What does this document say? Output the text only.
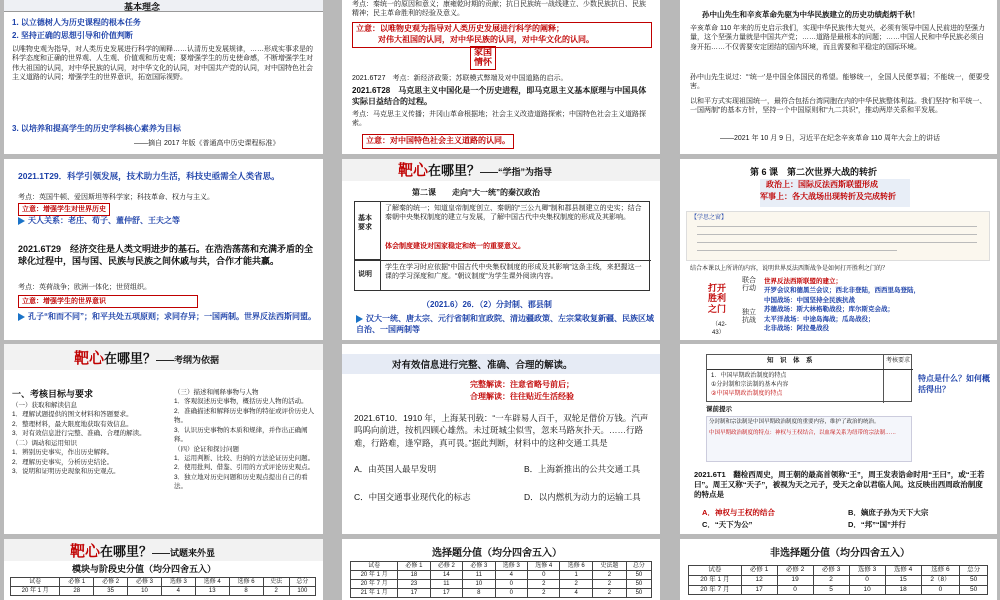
基本理念
1. 以立德树人为历史课程的根本任务
2. 坚持正确的思想引导和价值判断
以唯物史观为指导，对人类历史发展进行科学的阐释……认清历史发展规律，……形成实事求是的科学态度和正确的世界观、人生观、价值观和历史观；要增强学生的历史使命感，不断增强学生对伟大祖国的认同，对中华民族的认同，对中华文化的认同，对中国共产党的认同，对中国特色社会主义道路的认同；增强学生的世界意识，拓宽国际视野。
3. 以培养和提高学生的历史学科核心素养为目标
——摘自 2017 年版《普通高中历史课程标准》
考点：秦统一的原因和意义；康雍乾时期的贡献；抗日民族统一战线建立、少数民族抗日、民族精神；民主革命胜利的经验及意义。
立意：以唯物史观为指导对人类历史发展进行科学的阐释；
对伟大祖国的认同，对中华民族的认同，对中华文化的认同。
家国
情怀
2021.6T27　考点：新经济政策；苏联模式弊端及对中国道路的启示。
2021.6T28　马克思主义中国化是一个历史进程，即马克思主义基本原理与中国具体实际日益结合的过程。
考点：马克思主义传播；井冈山革命根据地；社会主义改造道路探索；中国特色社会主义道路探索。
立意：对中国特色社会主义道路的认同。
孙中山先生和辛亥革命先驱为中华民族建立的历史功绩彪炳千秋！
辛亥革命 110 年来的历史启示我们，实现中华民族伟大复兴，必须有领导中国人民前进的坚强力量，这个坚强力量就是中国共产党；……道路是最根本的问题；……中国人民和中华民族必须自身开拓……不仅需要安定团结的国内环境，而且需要和平稳定的国际环境。
孙中山先生说过：“‘统一’是中国全体国民的希望。能够统一，全国人民便享福；不能统一，便要受害。
以和平方式实现祖国统一，最符合包括台湾同胞在内的中华民族整体利益。我们坚持“和平统一、一国两制”的基本方针，坚持一个中国原则和“九二共识”，推动两岸关系和平发展。
——2021 年 10 月 9 日，习近平在纪念辛亥革命 110 周年大会上的讲话
2021.1T29．科学引领发展，技术助力生活，科技史亟需全人类省思。
考点：英国牛顿、爱因斯坦等科学家；科技革命、权力与主义。
立意：增强学生对世界历史
天人关系：老庄、荀子、董仲舒、王夫之等
2021.6T29　经济交往是人类文明进步的基石。在浩浩荡荡和充满矛盾的全球化过程中，国与国、民族与民族之间休戚与共，合作才能共赢。
考点：英荷战争；欧洲一体化；世贸组织。
立意：增强学生的世界意识
孔子“和而不同”；和平共处五项原则；求同存异；一国两制。世界反法西斯同盟。
靶心在哪里？——“学指”为指导
第二课　　走向“大一统”的秦汉政治
基本要求
了解秦的统一；知道皇帝制度创立、秦朝的“三公九卿”制和郡县制建立的史实；结合秦朝中央集权制度的建立与发展，了解中国古代中央集权制度的形成及其影响。
体会制度建设对国家稳定和统一的重要意义。
说明
学生在学习时应依据“中国古代中央集权制度的形成及其影响”这条主线，来把握这一课的学习深度和广度。“朝议制度”为学生课外阅读内容。
（2021.6）26．（2）分封制、郡县制
汉大一统、唐太宗、元行省制和宣政院、清边疆政策、左宗棠收复新疆、民族区域自治、一国两制等
第 6 课　第二次世界大战的转折
政治上：国际反法西斯联盟形成
军事上：各大战场出现转折及完成转折
【学思之窗】
结合本课以上所讲的内容，说明世界反法西斯战争是如何打开胜利之门的？
打开
胜利
之门
（42-43）
联合
行动
独立
抗战
世界反法西斯联盟的建立；
开罗会议和德黑兰会议；西北非登陆，西西里岛登陆，
中国战场：中国坚持全民族抗战
苏德战场：斯大林格勒战役；库尔斯克会战；
太平洋战场：中途岛海战；瓜岛战役；
北非战场：阿拉曼战役
靶心在哪里？——考纲为依据
一、考核目标与要求
（一）获取和解读信息
1．理解试题提供的图文材料和答题要求。
2．整理材料，最大限度地获取有效信息。
3．对有效信息进行完整、准确、合理的解读。
（二）调动和运用知识
1．辨别历史事实，作出历史解释。
2．理解历史事实，分析历史结论。
3．说明和证明历史现象和历史观点。
（三）描述和阐释事物与人物
1．客观叙述历史事物，概括历史人物的活动。
2．准确描述和解释历史事物的特征或评价历史人物。
3．认识历史事物的本质和规律，并作出正确阐释。
（四）论证和探讨问题
1．运用判断、比较、归纳的方法论证历史问题。
2．使用批判、借鉴、引用的方式评论历史观点。
3．独立地对历史问题和历史观点提出自己的看法。
对有效信息进行完整、准确、合理的解读。
完整解读：注意省略号前后；
合理解读：往往贴近生活经验
2021.6T10．1910 年，上海某刊载：“一车辟易人百千，双轮足借价万钱。汽声呜呜向前进，按机四顾心雄然。未过斑城尘似雪，忽来马路灰扑天。……行路难，行路难，逢窄路，真可畏。”据此判断，材料中的这种交通工具是
A．由英国人最早发明	B．上海新推出的公共交通工具
C．中国交通事业现代化的标志	D．以内燃机为动力的运输工具
知　识　体　系	考核要求
1．中国早期政治制度的特点
①分封制和宗法制的基本内容
②中国早期政治制度的特点
课前提示
分封制和宗法制是中国早期政治制度的重要内容，维护了政治的统治。
中国早期政治制度的特点：神权与王权结合，以血缘关系为纽带的宗法制……
特点是什么？如何概括得出？
2021.6T1　翻检西周史，周王朝的最高首领称“王”，周王发表诰命时用“王曰”，或“王若曰”。周王又称“天子”，被视为天之元子，受天之命以君临人间。这反映出西周政治制度的特点是
A．神权与王权的结合	B．嫡庶子孙为天下大宗
C．“天下为公”	D．“邦”“国”并行
靶心在哪里？——试题来外显
模块与阶段史分值（均分四舍五入）
试卷	必修 1	必修 2	必修 3	选修 3	选修 4	选修 6	史法	总分
20 年 1 月	28	35	10	4	13	8	2	100
选择题分值（均分四舍五入）
试卷	必修 1	必修 2	必修 3	选修 3	选修 4	选修 6	史法题	总分
20 年 1 月	18	14	11	4	0	1	2	50
20 年 7 月	23	11	10	0	2	2	2	50
21 年 1 月	17	17	8	0	2	4	2	50
非选择题分值（均分四舍五入）
试卷	必修 1	必修 2	必修 3	选修 3	选修 4	选修 6	总分
20 年 1 月	12	19	2	0	15	2（8）	50
20 年 7 月	17	0	5	10	18	0	50
